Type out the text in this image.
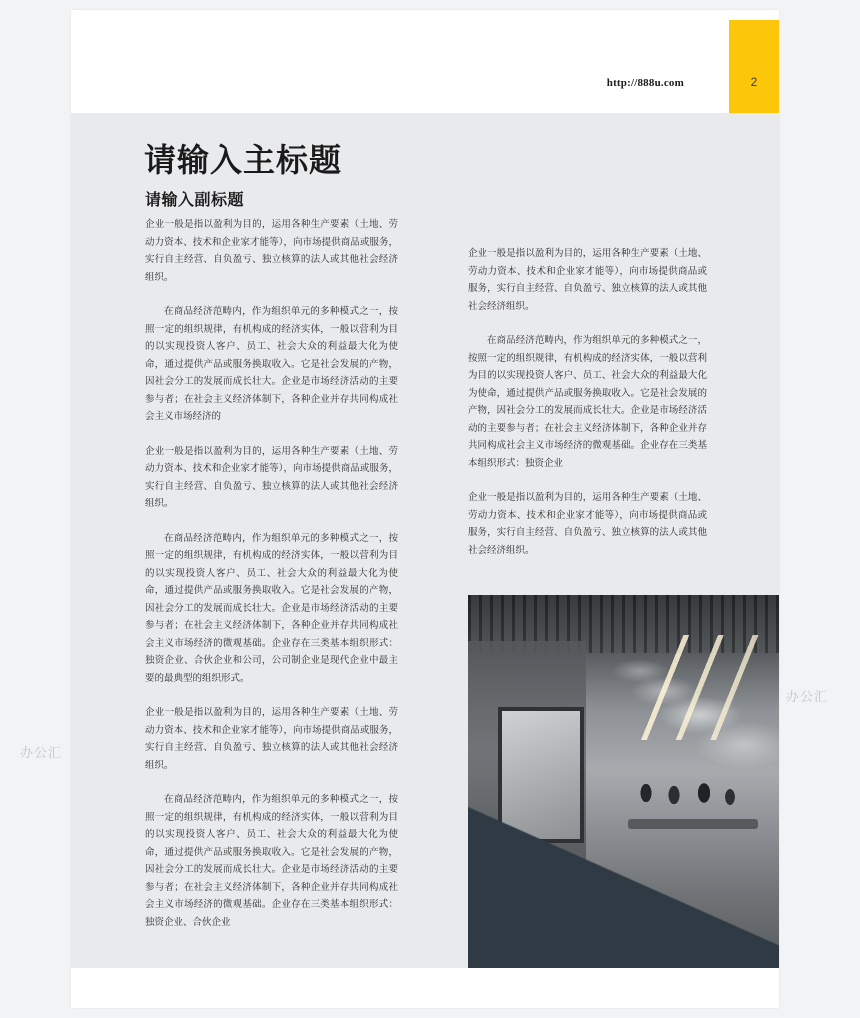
http://888u.com	2
请输入主标题
请输入副标题

企业一般是指以盈利为目的，运用各种生产要素（土地、劳动力资本、技术和企业家才能等），向市场提供商品或服务，实行自主经营、自负盈亏、独立核算的法人或其他社会经济组织。

在商品经济范畴内，作为组织单元的多种模式之一，按照一定的组织规律，有机构成的经济实体，一般以营利为目的以实现投资人客户、员工、社会大众的利益最大化为使命，通过提供产品或服务换取收入。它是社会发展的产物，因社会分工的发展而成长壮大。企业是市场经济活动的主要参与者；在社会主义经济体制下，各种企业并存共同构成社会主义市场经济的

企业一般是指以盈利为目的，运用各种生产要素（土地、劳动力资本、技术和企业家才能等），向市场提供商品或服务，实行自主经营、自负盈亏、独立核算的法人或其他社会经济组织。

在商品经济范畴内，作为组织单元的多种模式之一，按照一定的组织规律，有机构成的经济实体，一般以营利为目的以实现投资人客户、员工、社会大众的利益最大化为使命，通过提供产品或服务换取收入。它是社会发展的产物，因社会分工的发展而成长壮大。企业是市场经济活动的主要参与者；在社会主义经济体制下，各种企业并存共同构成社会主义市场经济的微观基础。企业存在三类基本组织形式：独资企业、合伙企业和公司，公司制企业是现代企业中最主要的最典型的组织形式。

企业一般是指以盈利为目的，运用各种生产要素（土地、劳动力资本、技术和企业家才能等），向市场提供商品或服务，实行自主经营、自负盈亏、独立核算的法人或其他社会经济组织。

在商品经济范畴内，作为组织单元的多种模式之一，按照一定的组织规律，有机构成的经济实体，一般以营利为目的以实现投资人客户、员工、社会大众的利益最大化为使命，通过提供产品或服务换取收入。它是社会发展的产物，因社会分工的发展而成长壮大。企业是市场经济活动的主要参与者；在社会主义经济体制下，各种企业并存共同构成社会主义市场经济的微观基础。企业存在三类基本组织形式：独资企业、合伙企业

企业一般是指以盈利为目的，运用各种生产要素（土地、劳动力资本、技术和企业家才能等），向市场提供商品或服务，实行自主经营、自负盈亏、独立核算的法人或其他社会经济组织。

在商品经济范畴内，作为组织单元的多种模式之一，按照一定的组织规律，有机构成的经济实体，一般以营利为目的以实现投资人客户、员工、社会大众的利益最大化为使命，通过提供产品或服务换取收入。它是社会发展的产物，因社会分工的发展而成长壮大。企业是市场经济活动的主要参与者；在社会主义经济体制下，各种企业并存共同构成社会主义市场经济的微观基础。企业存在三类基本组织形式：独资企业

企业一般是指以盈利为目的，运用各种生产要素（土地、劳动力资本、技术和企业家才能等），向市场提供商品或服务，实行自主经营、自负盈亏、独立核算的法人或其他社会经济组织。

办公汇
办公汇
